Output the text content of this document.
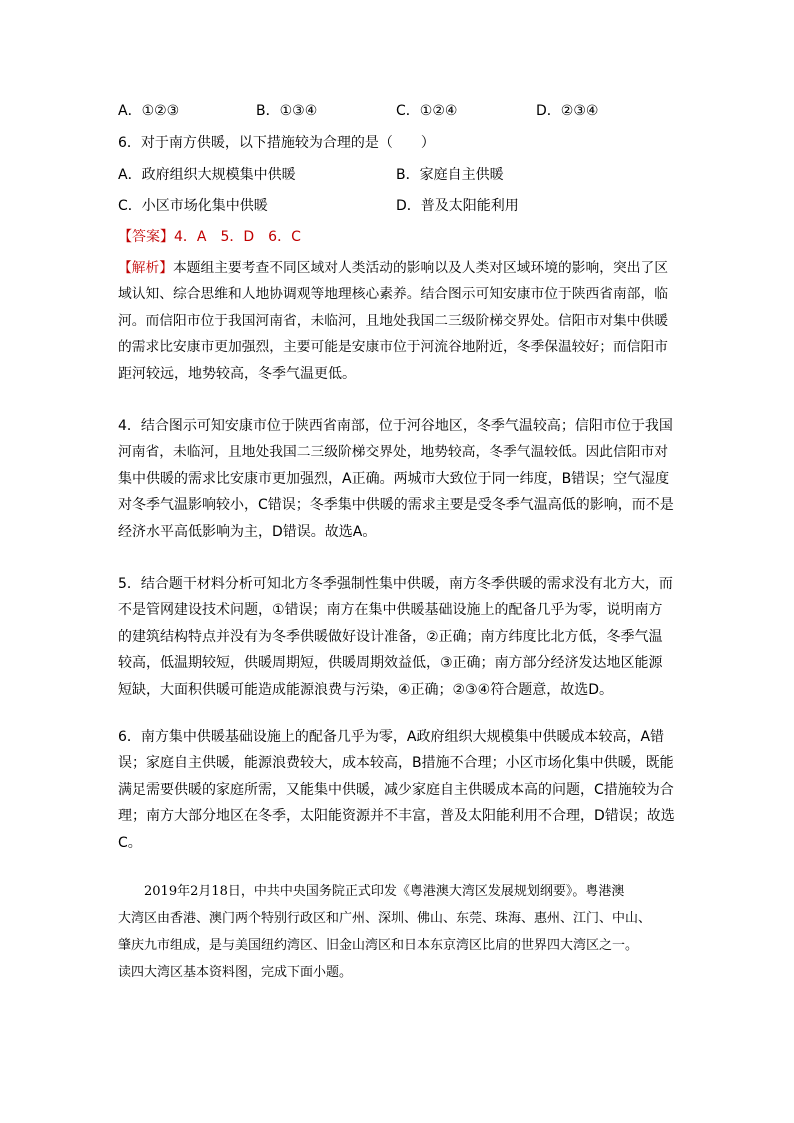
A．①②③	B．①③④	C．①②④	D．②③④
6．对于南方供暖，以下措施较为合理的是（　　）
A．政府组织大规模集中供暖	B．家庭自主供暖
C．小区市场化集中供暖	D．普及太阳能利用
【答案】4．A　5．D　6．C
【解析】本题组主要考查不同区域对人类活动的影响以及人类对区域环境的影响，突出了区
域认知、综合思维和人地协调观等地理核心素养。结合图示可知安康市位于陕西省南部，临
河。而信阳市位于我国河南省，未临河，且地处我国二三级阶梯交界处。信阳市对集中供暖
的需求比安康市更加强烈，主要可能是安康市位于河流谷地附近，冬季保温较好；而信阳市
距河较远，地势较高，冬季气温更低。
4．结合图示可知安康市位于陕西省南部，位于河谷地区，冬季气温较高；信阳市位于我国
河南省，未临河，且地处我国二三级阶梯交界处，地势较高，冬季气温较低。因此信阳市对
集中供暖的需求比安康市更加强烈，A正确。两城市大致位于同一纬度，B错误；空气湿度
对冬季气温影响较小，C错误；冬季集中供暖的需求主要是受冬季气温高低的影响，而不是
经济水平高低影响为主，D错误。故选A。
5．结合题干材料分析可知北方冬季强制性集中供暖，南方冬季供暖的需求没有北方大，而
不是管网建设技术问题，①错误；南方在集中供暖基础设施上的配备几乎为零，说明南方
的建筑结构特点并没有为冬季供暖做好设计准备，②正确；南方纬度比北方低，冬季气温
较高，低温期较短，供暖周期短，供暖周期效益低，③正确；南方部分经济发达地区能源
短缺，大面积供暖可能造成能源浪费与污染，④正确；②③④符合题意，故选D。
6．南方集中供暖基础设施上的配备几乎为零，A政府组织大规模集中供暖成本较高，A错
误；家庭自主供暖，能源浪费较大，成本较高，B措施不合理；小区市场化集中供暖，既能
满足需要供暖的家庭所需，又能集中供暖，减少家庭自主供暖成本高的问题，C措施较为合
理；南方大部分地区在冬季，太阳能资源并不丰富，普及太阳能利用不合理，D错误；故选
C。
　　2019年2月18日，中共中央国务院正式印发《粤港澳大湾区发展规划纲要》。粤港澳
大湾区由香港、澳门两个特别行政区和广州、深圳、佛山、东莞、珠海、惠州、江门、中山、
肇庆九市组成，是与美国纽约湾区、旧金山湾区和日本东京湾区比肩的世界四大湾区之一。
读四大湾区基本资料图，完成下面小题。
